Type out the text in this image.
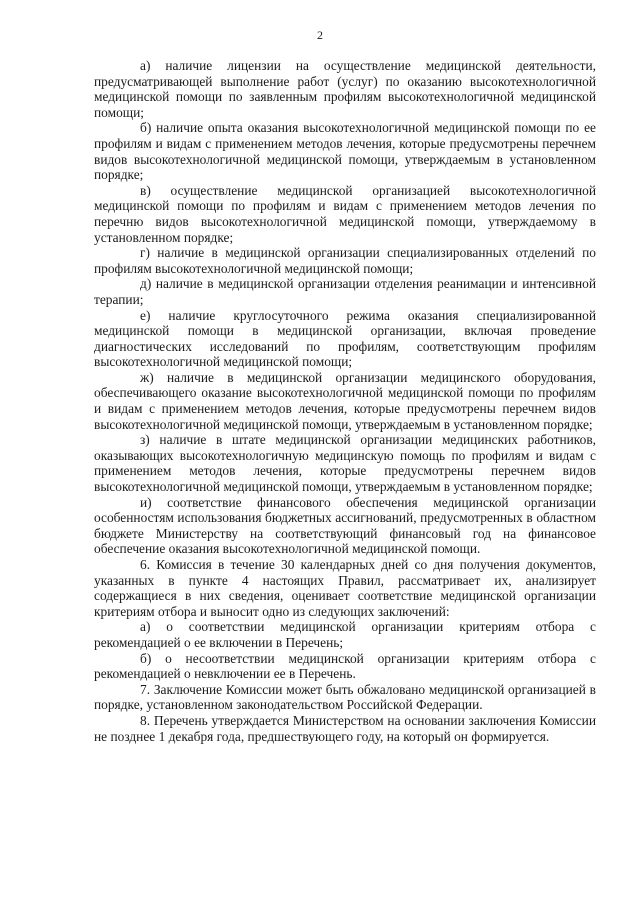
2

а) наличие лицензии на осуществление медицинской деятельности, предусматривающей выполнение работ (услуг) по оказанию высокотехнологичной медицинской помощи по заявленным профилям высокотехнологичной медицинской помощи;

б) наличие опыта оказания высокотехнологичной медицинской помощи по ее профилям и видам с применением методов лечения, которые предусмотрены перечнем видов высокотехнологичной медицинской помощи, утверждаемым в установленном порядке;

в) осуществление медицинской организацией высокотехнологичной медицинской помощи по профилям и видам с применением методов лечения по перечню видов высокотехнологичной медицинской помощи, утверждаемому в установленном порядке;

г) наличие в медицинской организации специализированных отделений по профилям высокотехнологичной медицинской помощи;

д) наличие в медицинской организации отделения реанимации и интенсивной терапии;

е) наличие круглосуточного режима оказания специализированной медицинской помощи в медицинской организации, включая проведение диагностических исследований по профилям, соответствующим профилям высокотехнологичной медицинской помощи;

ж) наличие в медицинской организации медицинского оборудования, обеспечивающего оказание высокотехнологичной медицинской помощи по профилям и видам с применением методов лечения, которые предусмотрены перечнем видов высокотехнологичной медицинской помощи, утверждаемым в установленном порядке;

з) наличие в штате медицинской организации медицинских работников, оказывающих высокотехнологичную медицинскую помощь по профилям и видам с применением методов лечения, которые предусмотрены перечнем видов высокотехнологичной медицинской помощи, утверждаемым в установленном порядке;

и) соответствие финансового обеспечения медицинской организации особенностям использования бюджетных ассигнований, предусмотренных в областном бюджете Министерству на соответствующий финансовый год на финансовое обеспечение оказания высокотехнологичной медицинской помощи.

6. Комиссия в течение 30 календарных дней со дня получения документов, указанных в пункте 4 настоящих Правил, рассматривает их, анализирует содержащиеся в них сведения, оценивает соответствие медицинской организации критериям отбора и выносит одно из следующих заключений:

а) о соответствии медицинской организации критериям отбора с рекомендацией о ее включении в Перечень;

б) о несоответствии медицинской организации критериям отбора с рекомендацией о невключении ее в Перечень.

7. Заключение Комиссии может быть обжаловано медицинской организацией в порядке, установленном законодательством Российской Федерации.

8. Перечень утверждается Министерством на основании заключения Комиссии не позднее 1 декабря года, предшествующего году, на который он формируется.
